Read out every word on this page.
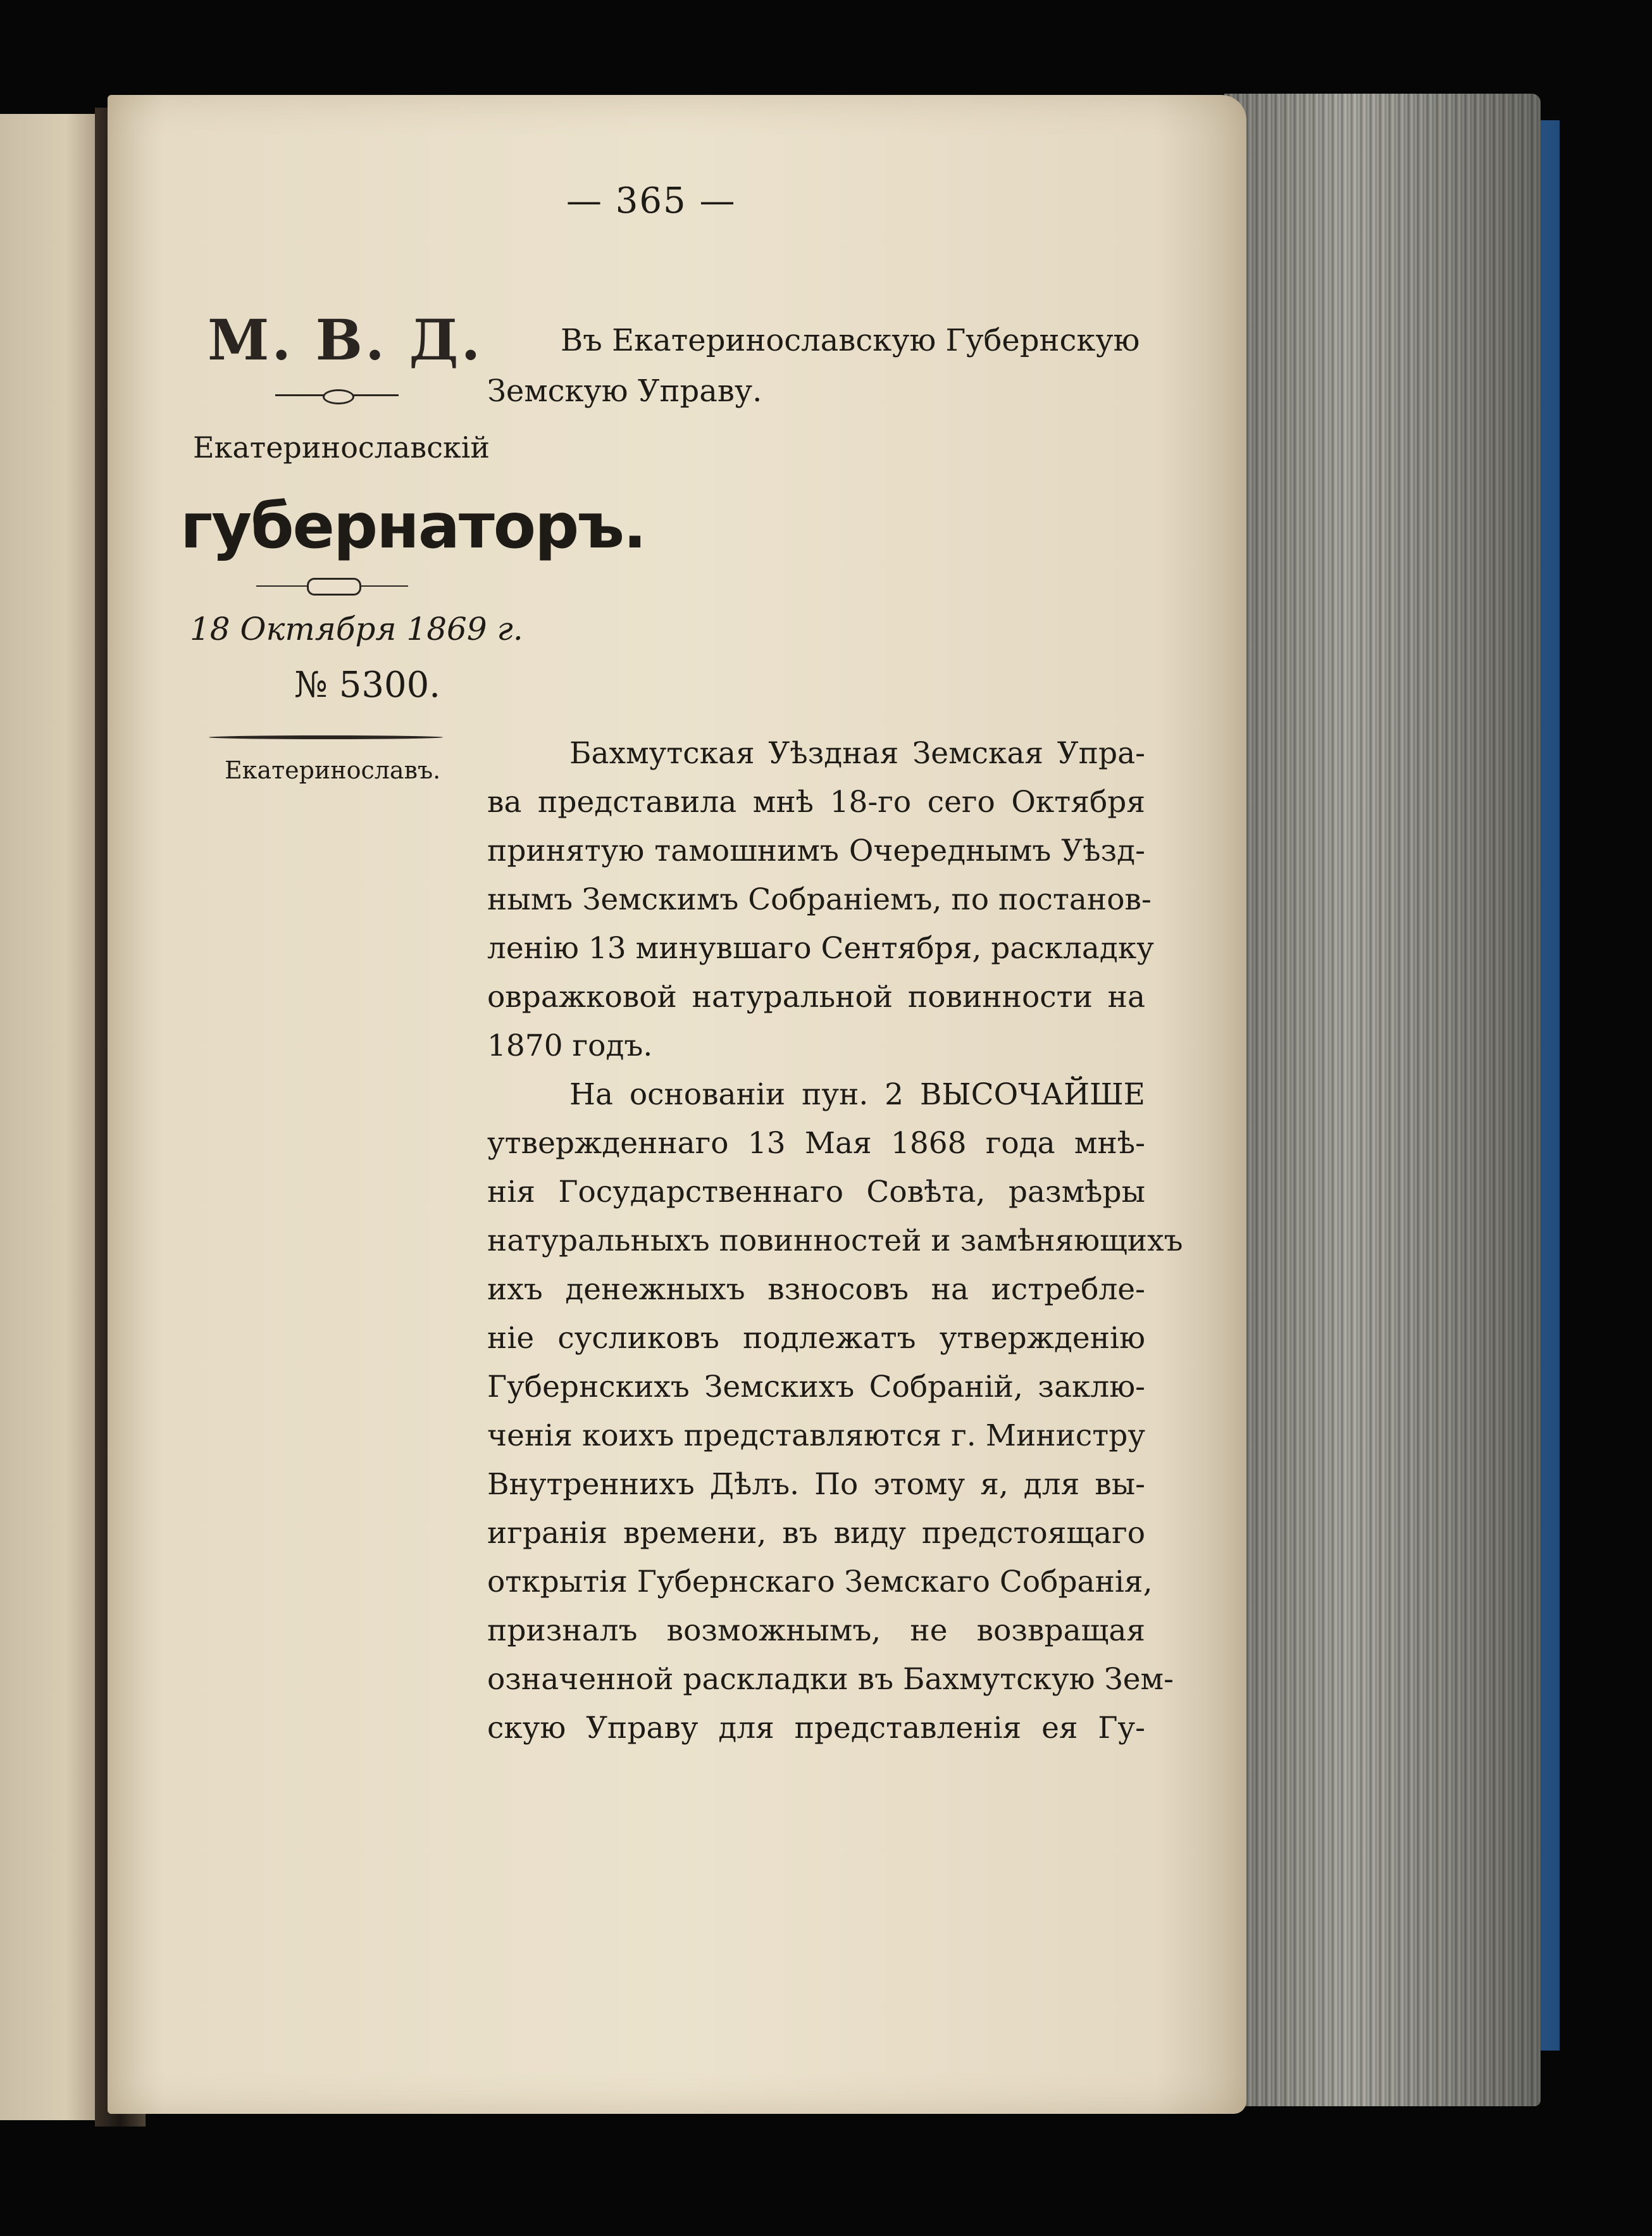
— 365 —
М. В. Д.
Екатеринославскій
губернаторъ.
18 Октября 1869 г.
№ 5300.
Екатеринославъ.
Въ Екатеринославскую Губернскую
Земскую Управу.
Бахмутская Уѣздная Земская Упра-
ва представила мнѣ 18-го сего Октября
принятую тамошнимъ Очереднымъ Уѣзд-
нымъ Земскимъ Собраніемъ, по постанов-
ленію 13 минувшаго Сентября, раскладку
овражковой натуральной повинности на
1870 годъ.
На основаніи пун. 2 ВЫСОЧАЙШЕ
утвержденнаго 13 Мая 1868 года мнѣ-
нія Государственнаго Совѣта, размѣры
натуральныхъ повинностей и замѣняющихъ
ихъ денежныхъ взносовъ на истребле-
ніе сусликовъ подлежатъ утвержденію
Губернскихъ Земскихъ Собраній, заклю-
ченія коихъ представляются г. Министру
Внутреннихъ Дѣлъ. По этому я, для вы-
игранія времени, въ виду предстоящаго
открытія Губернскаго Земскаго Собранія,
призналъ возможнымъ, не возвращая
означенной раскладки въ Бахмутскую Зем-
скую Управу для представленія ея Гу-
